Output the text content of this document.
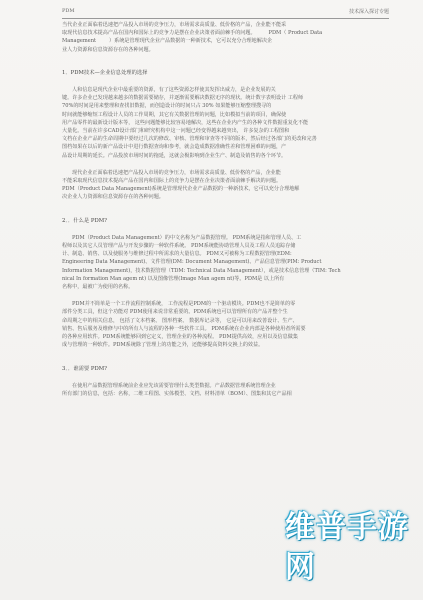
PDM	技术深入探讨专题

当代企业正面临着迅速把产品投入市场的竞争压力，市场需求高质量、低价格的产品，企业能不能采

取现代信息技术提高产品在国内和国际上的竞争力是摆在企业决策者面前棘手的问题。	PDM（ Product Data

Management	）系统是管理现代企业产品数据的一种新技术，它可以充分合理地解决企

业人力资源和信息资源存在的各种问题。

1．PDM技术—企业信息处理的选择

人和信息是现代企业中最重要的资源，有了这些资源怎样使其发挥出威力，是企业发展的关

键。许多企业已发现越来越多的数据需要储存，并逐渐需要解决数据无序的现状。统计数字表明设计 工程师

70%的时间是用来整理和查找旧数据，而创造设计的时间只占 30% 如果能够压缩整理搜寻的

时间就能够缩短工程设计人员的工作周期，其它有关数据管理的问题，比如模拟当前的项目，确保使

用产品零件的最新设计版本等， 这些问题能够比较容易地解决，这些在企业内产生的各种文件数据重复化不能

大量化。当前在许多CAD设计部门和研究机构中这一问题已经变得越来越突出， 许多复杂的工程图和

文档在企业产品的生命周期中要经过几次的修改、审核、管理和审查等不同的版本，然后经过各部门的更改和完善

图档如果在以后的新产品设计中进行数据查询和参考，就会造成数据准确性差和管理困难的问题，产

品设计周期的延长。产品投放市场时间的拖延，这就会极影响到企业生产、制造及销售的各个环节。

现代企业正面临着迅速把产品投入市场的竞争压力，市场需求高质量、低价格的产品，企业能

不能采取现代信息技术提高产品在国内和国际上的竞争力是摆在企业决策者面前棘手解决的问题。

PDM（Product Data Management)系统是管理现代企业产品数据的一种新技术，它可以充分合理地解

决企业人力资源和信息资源存在的各种问题。

2．．什么是 PDM?

PDM（Product Data Management）的中文名称为产品数据管理。 PDM系统是指和管理人员、工

程师以及其它人员管理产品与开发步骤的一种软件系统。 PDM系统能协助管理人员及工程人员追踪存储

计、制造、销售、以及使服务与维修过程中所需求的大量信息。 PDM又可被称为工程数据管理(EDM:

Engineering Data Management)、文件管理(DM: Document Management)、产品信息管理(PIM: Product

Information Management)，技术数据管理（TDM: Technical Data Management），或是技术信息管理（TIM: Tech

nical In formation Man agem nt) 以及图像管理(Image Man agem nt)等。PDM是 以上所有

名称中，最被广为使用的名称。

PDM并不简单是一个工作流程控制系统， 工作流程是PDM的一个驱动模块。PDM也不是简单的零

部件分类工具，但这个功能对 PDM使用来说非常重要的。PDM系统也可以管理所有的产品并整个生

命周期之中的相关信息， 包括了文本档案、 图形档案、 数据库记录等， 它是可以用来改善设计、生产、

销售、售后服务及维修与中的所有人与流程的各种一些软件工具。 PDM系统在企业内部是各种使用者所需要

的各种应用软件。PDM系统能够回到它定义，管理企业的各种流程。 PDM提供高效，应用以及信息做集

成与管理的一种软件。PDM系统除了管理上的功能之外，还能够提高资料交换上的效益。

3．．谁需要 PDM?

在使用产品数据管理系统前企业应先该需要管理什么类型数据。产品数据管理系统管理企业

所有部门的信息，包括：名称，二维工程图、实体模型、文档、材料清单（BOM）、图集和其它产品相

维普手游网
